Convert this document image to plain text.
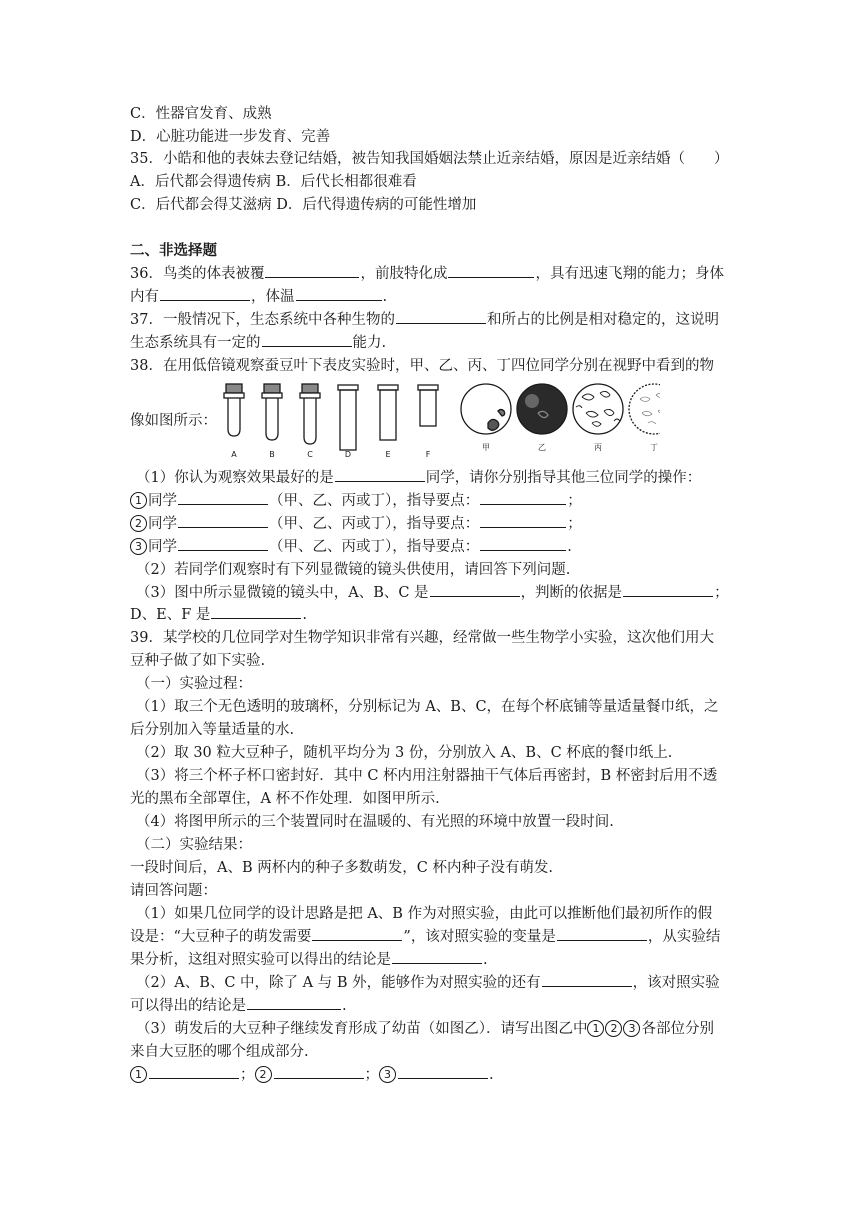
C．性器官发育、成熟
D．心脏功能进一步发育、完善
35．小皓和他的表妹去登记结婚，被告知我国婚姻法禁止近亲结婚，原因是近亲结婚（　　）
A．后代都会得遗传病 B．后代长相都很难看
C．后代都会得艾滋病 D．后代得遗传病的可能性增加
二、非选择题
36．鸟类的体表被覆	，前肢特化成	，具有迅速飞翔的能力；身体
内有	，体温	.
37．一般情况下，生态系统中各种生物的	和所占的比例是相对稳定的，这说明
生态系统具有一定的	能力.
38．在用低倍镜观察蚕豆叶下表皮实验时，甲、乙、丙、丁四位同学分别在视野中看到的物
像如图所示：
A	B	C	D	E	F
甲	乙	丙	丁
（1）你认为观察效果最好的是	同学，请你分别指导其他三位同学的操作：
1 同学	（甲、乙、丙或丁），指导要点：	；
2 同学	（甲、乙、丙或丁），指导要点：	；
3 同学	（甲、乙、丙或丁），指导要点：	.
（2）若同学们观察时有下列显微镜的镜头供使用，请回答下列问题.
（3）图中所示显微镜的镜头中，A、B、C 是	，判断的依据是	；
D、E、F 是	.
39．某学校的几位同学对生物学知识非常有兴趣，经常做一些生物学小实验，这次他们用大
豆种子做了如下实验.
（一）实验过程：
（1）取三个无色透明的玻璃杯，分别标记为 A、B、C，在每个杯底铺等量适量餐巾纸，之
后分别加入等量适量的水.
（2）取 30 粒大豆种子，随机平均分为 3 份，分别放入 A、B、C 杯底的餐巾纸上.
（3）将三个杯子杯口密封好．其中 C 杯内用注射器抽干气体后再密封，B 杯密封后用不透
光的黑布全部罩住，A 杯不作处理．如图甲所示.
（4）将图甲所示的三个装置同时在温暖的、有光照的环境中放置一段时间.
（二）实验结果：
一段时间后，A、B 两杯内的种子多数萌发，C 杯内种子没有萌发.
请回答问题：
（1）如果几位同学的设计思路是把 A、B 作为对照实验，由此可以推断他们最初所作的假
设是：“大豆种子的萌发需要	”，该对照实验的变量是	，从实验结
果分析，这组对照实验可以得出的结论是	.
（2）A、B、C 中，除了 A 与 B 外，能够作为对照实验的还有	，该对照实验
可以得出的结论是	.
（3）萌发后的大豆种子继续发育形成了幼苗（如图乙）．请写出图乙中 1 2 3 各部位分别
来自大豆胚的哪个组成部分.
1	； 2	； 3	.
